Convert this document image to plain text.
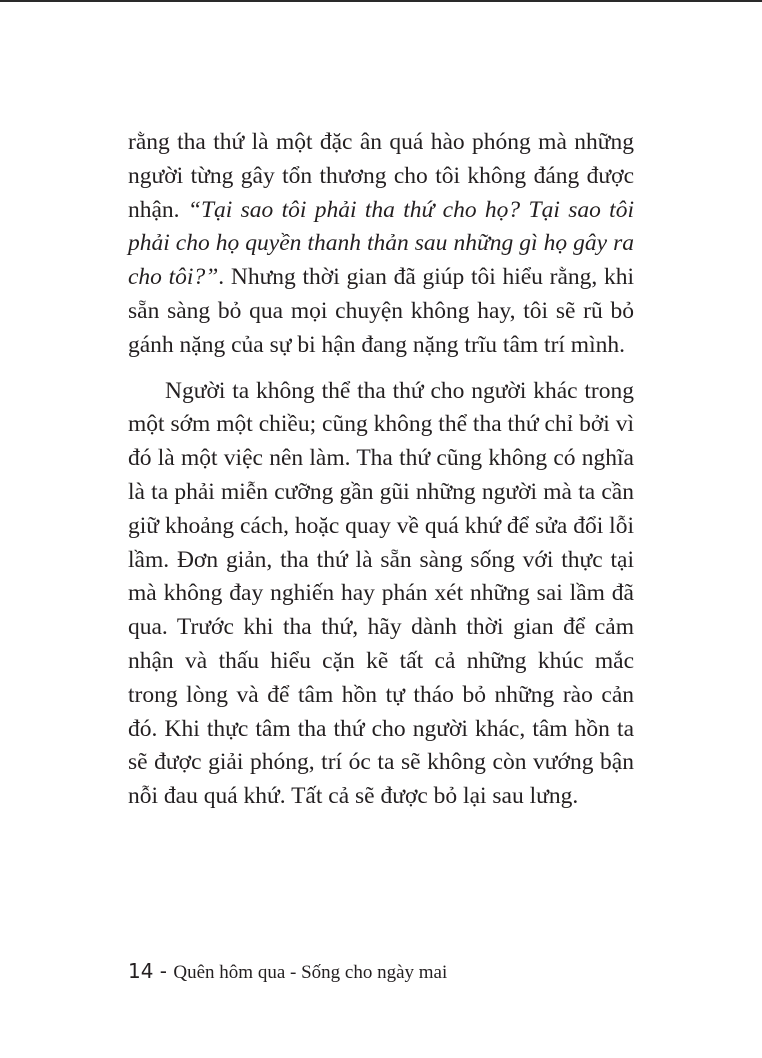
rằng tha thứ là một đặc ân quá hào phóng mà những người từng gây tổn thương cho tôi không đáng được nhận. “Tại sao tôi phải tha thứ cho họ? Tại sao tôi phải cho họ quyền thanh thản sau những gì họ gây ra cho tôi?”. Nhưng thời gian đã giúp tôi hiểu rằng, khi sẵn sàng bỏ qua mọi chuyện không hay, tôi sẽ rũ bỏ gánh nặng của sự bi hận đang nặng trĩu tâm trí mình.

Người ta không thể tha thứ cho người khác trong một sớm một chiều; cũng không thể tha thứ chỉ bởi vì đó là một việc nên làm. Tha thứ cũng không có nghĩa là ta phải miễn cưỡng gần gũi những người mà ta cần giữ khoảng cách, hoặc quay về quá khứ để sửa đổi lỗi lầm. Đơn giản, tha thứ là sẵn sàng sống với thực tại mà không đay nghiến hay phán xét những sai lầm đã qua. Trước khi tha thứ, hãy dành thời gian để cảm nhận và thấu hiểu cặn kẽ tất cả những khúc mắc trong lòng và để tâm hồn tự tháo bỏ những rào cản đó. Khi thực tâm tha thứ cho người khác, tâm hồn ta sẽ được giải phóng, trí óc ta sẽ không còn vướng bận nỗi đau quá khứ. Tất cả sẽ được bỏ lại sau lưng.

14 - Quên hôm qua - Sống cho ngày mai
